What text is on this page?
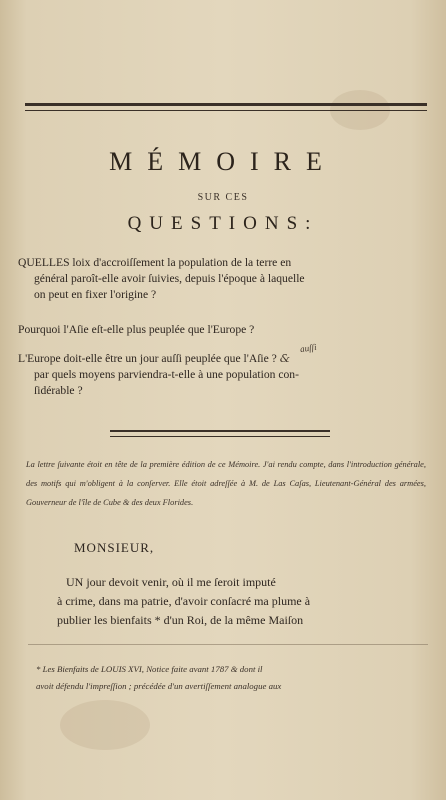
MÉMOIRE
SUR CES
QUESTIONS:
QUELLES loix d'accroiſſement la population de la terre en

général paroît-elle avoir ſuivies, depuis l'époque à laquelle
on peut en fixer l'origine ?
Pourquoi l'Aſie eſt-elle plus peuplée que l'Europe ?
L'Europe doit-elle être un jour auſſi peuplée que l'Aſie ? &
par quels moyens parviendra-t-elle à une population con-
ſidérable ?
auſſi
La lettre ſuivante étoit en tête de la première édition de ce Mémoire. J'ai rendu compte, dans l'introduction générale, des motifs qui m'obligent à la conſerver. Elle étoit adreſſée à M. de Las Caſas, Lieutenant-Général des armées, Gouverneur de l'île de Cube & des deux Florides.
MONSIEUR,
UN jour devoit venir, où il me ſeroit imputé
à crime, dans ma patrie, d'avoir conſacré ma plume à
publier les bienfaits * d'un Roi, de la même Maiſon
* Les Bienfaits de LOUIS XVI, Notice faite avant 1787 & dont il
avoit défendu l'impreſſion ; précédée d'un avertiſſement analogue aux
